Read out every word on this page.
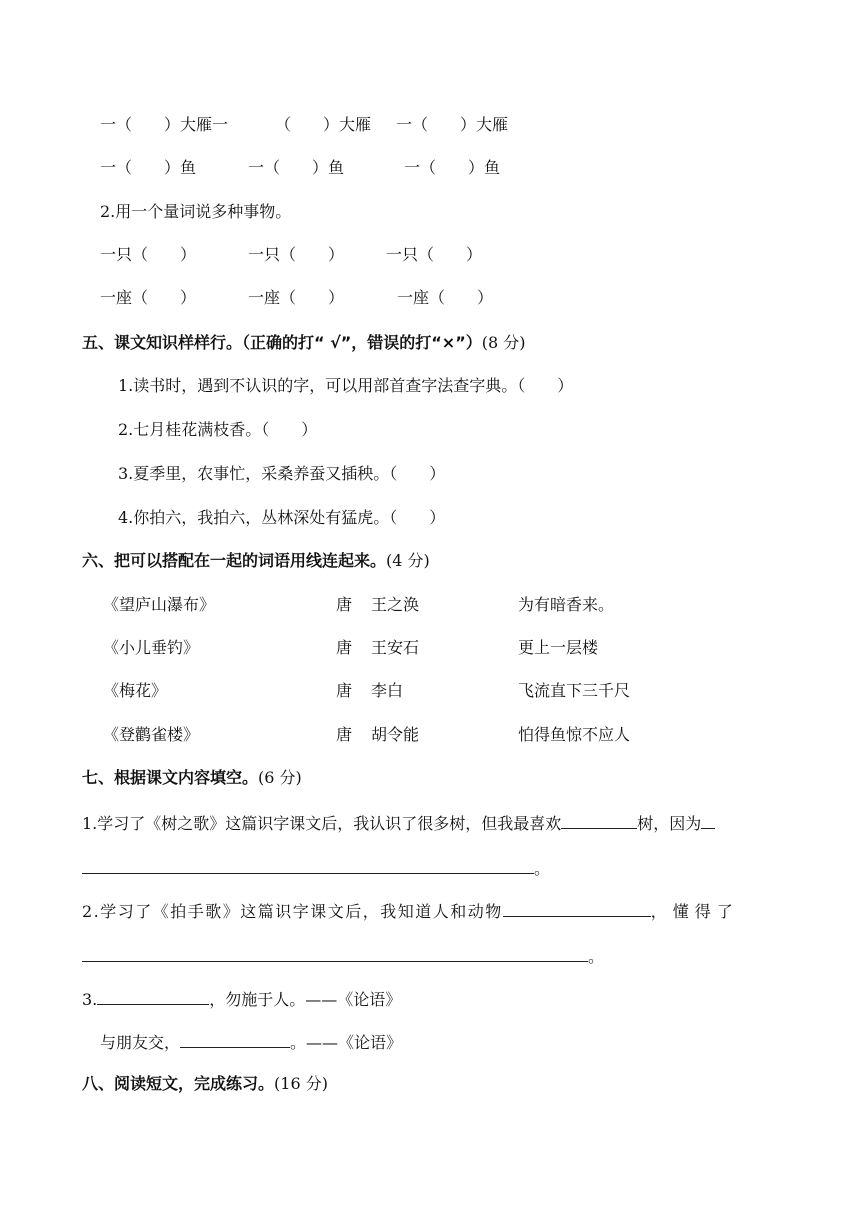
一（　　）大雁一	（　　）大雁 一（　　）大雁
一（　　）鱼	一（　　）鱼	一（　　）鱼
2.用一个量词说多种事物。
一只（　　）	一只（　　）	一只（　　）
一座（　　）	一座（　　）	一座（　　）
五、课文知识样样行。（正确的打“ √”，错误的打“×”）(8 分)
1.读书时，遇到不认识的字，可以用部首查字法查字典。（　　）
2.七月桂花满枝香。（　　）
3.夏季里，农事忙，采桑养蚕又插秧。（　　）
4.你拍六，我拍六，丛林深处有猛虎。（　　）
六、把可以搭配在一起的词语用线连起来。(4 分)
《望庐山瀑布》	唐 王之涣	为有暗香来。
《小儿垂钓》	唐 王安石	更上一层楼
《梅花》	唐 李白	飞流直下三千尺
《登鹳雀楼》	唐 胡令能	怕得鱼惊不应人
七、根据课文内容填空。(6 分)
1.学习了《树之歌》这篇识字课文后，我认识了很多树，但我最喜欢	树，因为
。
2.学习了《拍手歌》这篇识字课文后，我知道人和动物	，懂得了
。
3.	，勿施于人。——《论语》
与朋友交，	。——《论语》
八、阅读短文，完成练习。(16 分)
